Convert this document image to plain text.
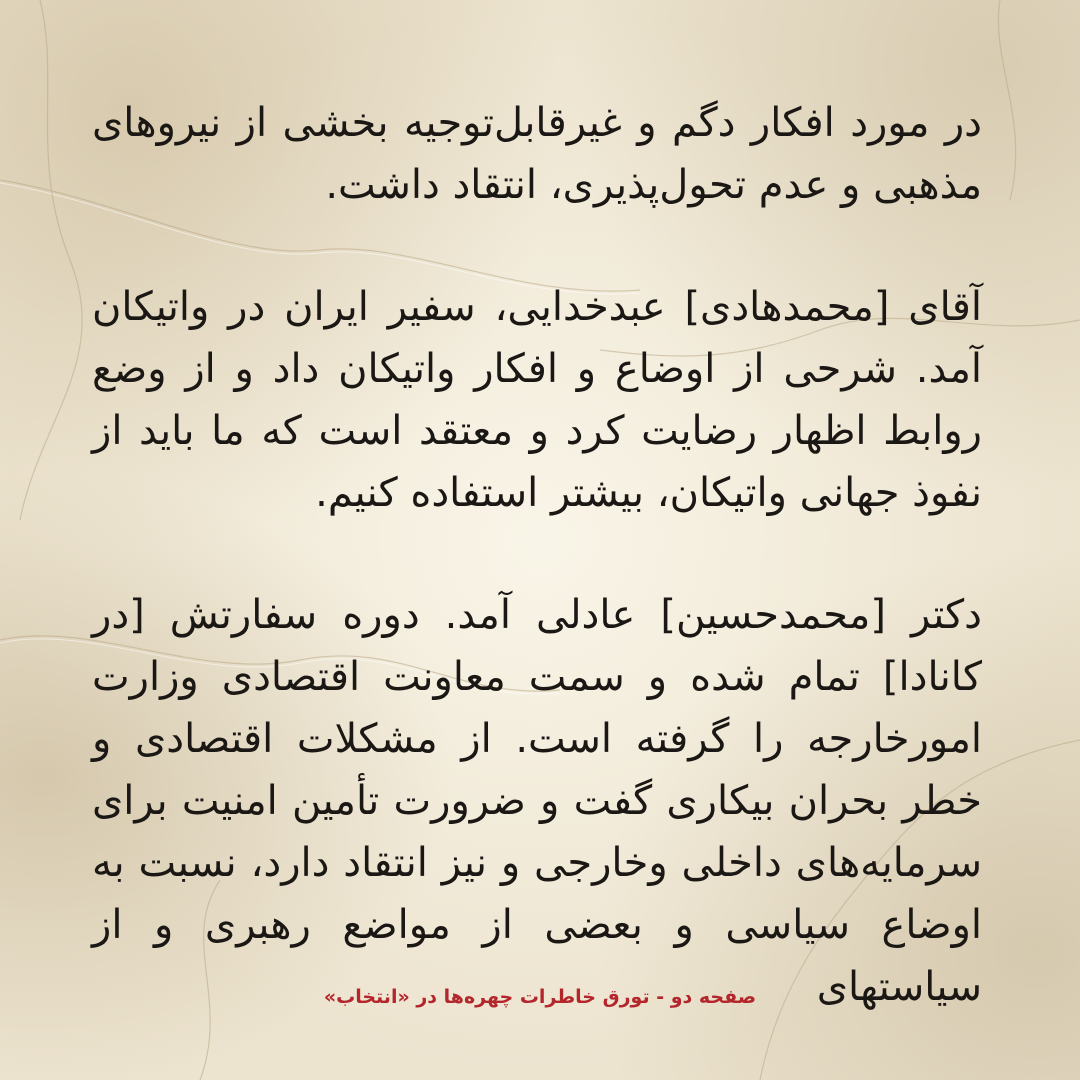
در مورد افکار دگم و غیرقابل‌توجیه بخشی از نیروهای مذهبی و عدم تحول‌پذیری، انتقاد داشت.

آقای [محمدهادی] عبدخدایی، سفیر ایران در واتیکان آمد. شرحی از اوضاع و افکار واتیکان داد و از وضع روابط اظهار رضایت کرد و معتقد است که ما باید از نفوذ جهانی واتیکان، بیشتر استفاده کنیم.

دکتر [محمدحسین] عادلی آمد. دوره سفارتش [در کانادا] تمام شده و سمت معاونت اقتصادی وزارت امورخارجه را گرفته است. از مشکلات اقتصادی و خطر بحران بیکاری گفت و ضرورت تأمین امنیت برای سرمایه‌های داخلی وخارجی و نیز انتقاد دارد، نسبت به اوضاع سیاسی و بعضی از مواضع رهبری و از سیاستهای

صفحه دو - تورق خاطرات چهره‌ها در «انتخاب»
